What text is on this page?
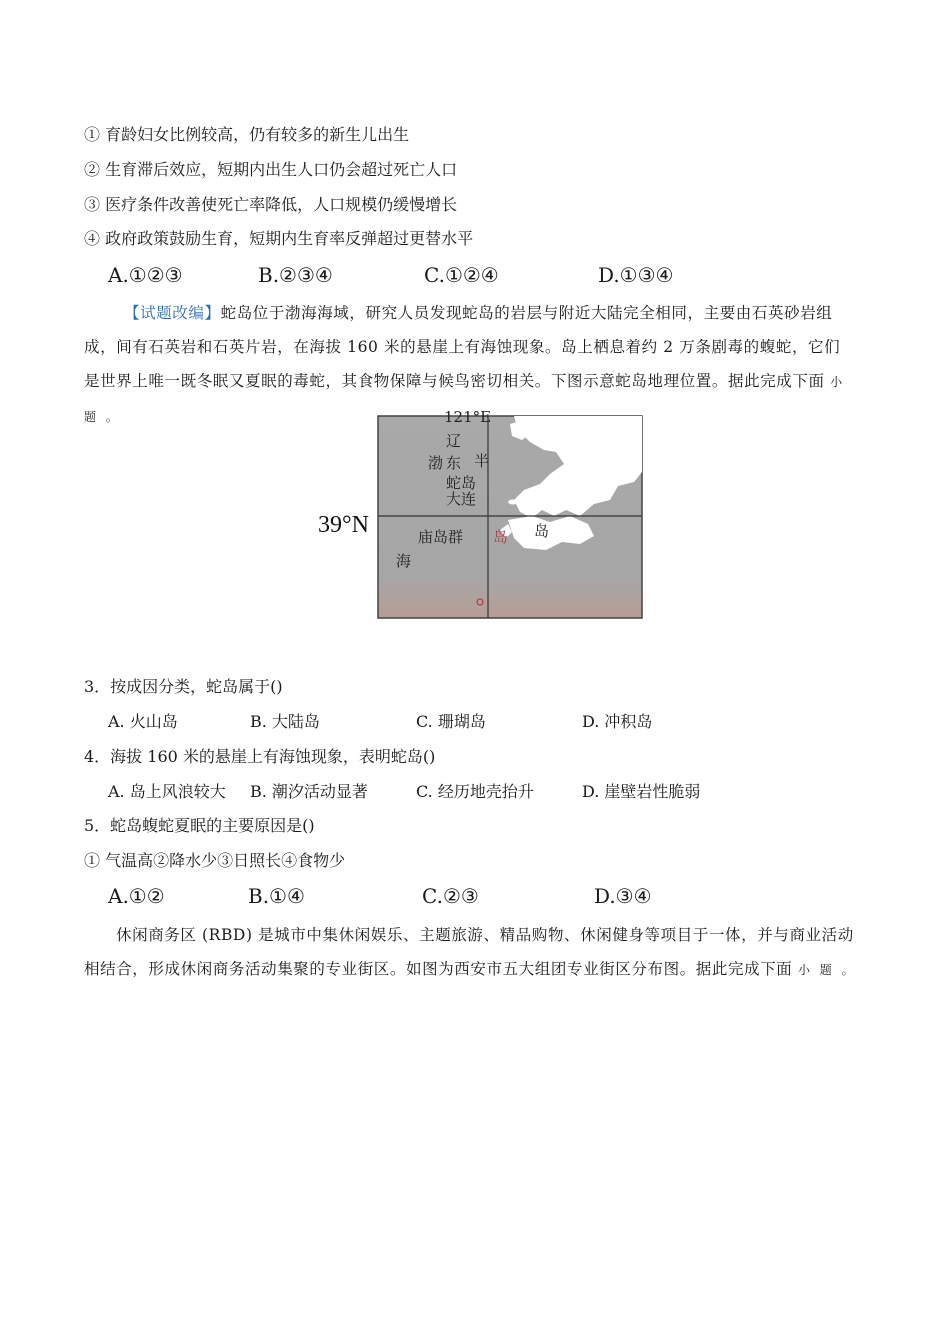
① 育龄妇女比例较高，仍有较多的新生儿出生
② 生育滞后效应，短期内出生人口仍会超过死亡人口
③ 医疗条件改善使死亡率降低，人口规模仍缓慢增长
④ 政府政策鼓励生育，短期内生育率反弹超过更替水平
A.①②③	B.②③④	C.①②④	D.①③④
【试题改编】蛇岛位于渤海海域，研究人员发现蛇岛的岩层与附近大陆完全相同，主要由石英砂岩组 成，间有石英岩和石英片岩，在海拔 160 米的悬崖上有海蚀现象。岛上栖息着约 2 万条剧毒的蝮蛇，它们 是世界上唯一既冬眠又夏眠的毒蛇，其食物保障与候鸟密切相关。下图示意蛇岛地理位置。据此完成下面 小 题 。	121°E
辽
渤 东 半
蛇岛
大连
庙岛群 岛 岛
海
39°N
3．按成因分类，蛇岛属于()
A. 火山岛	B. 大陆岛	C. 珊瑚岛	D. 冲积岛
4．海拔 160 米的悬崖上有海蚀现象，表明蛇岛()
A. 岛上风浪较大 B. 潮汐活动显著	C. 经历地壳抬升	D. 崖壁岩性脆弱
5．蛇岛蝮蛇夏眠的主要原因是()
① 气温高②降水少③日照长④食物少
A.①②	B.①④	C.②③	D.③④
休闲商务区 (RBD) 是城市中集休闲娱乐、主题旅游、精品购物、休闲健身等项目于一体，并与商业活动相结合，形成休闲商务活动集聚的专业街区。如图为西安市五大组团专业街区分布图。据此完成下面 小 题 。
